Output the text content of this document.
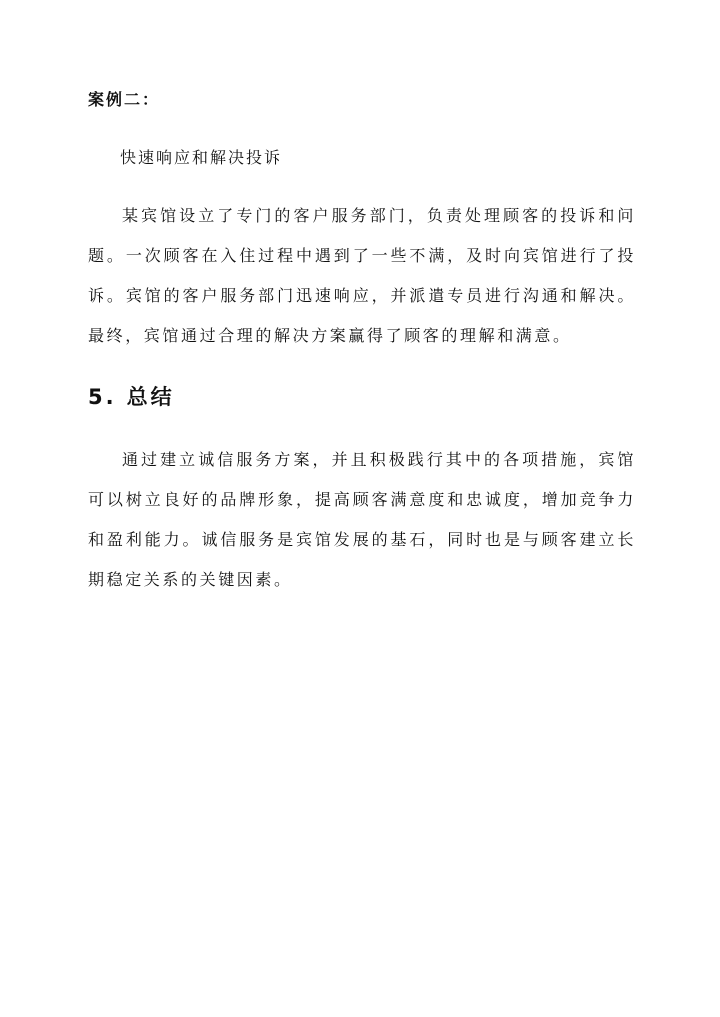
案例二：

快速响应和解决投诉

某宾馆设立了专门的客户服务部门，负责处理顾客的投诉和问题。一次顾客在入住过程中遇到了一些不满，及时向宾馆进行了投诉。宾馆的客户服务部门迅速响应，并派遣专员进行沟通和解决。最终，宾馆通过合理的解决方案赢得了顾客的理解和满意。

5. 总结

通过建立诚信服务方案，并且积极践行其中的各项措施，宾馆可以树立良好的品牌形象，提高顾客满意度和忠诚度，增加竞争力和盈利能力。诚信服务是宾馆发展的基石，同时也是与顾客建立长期稳定关系的关键因素。
